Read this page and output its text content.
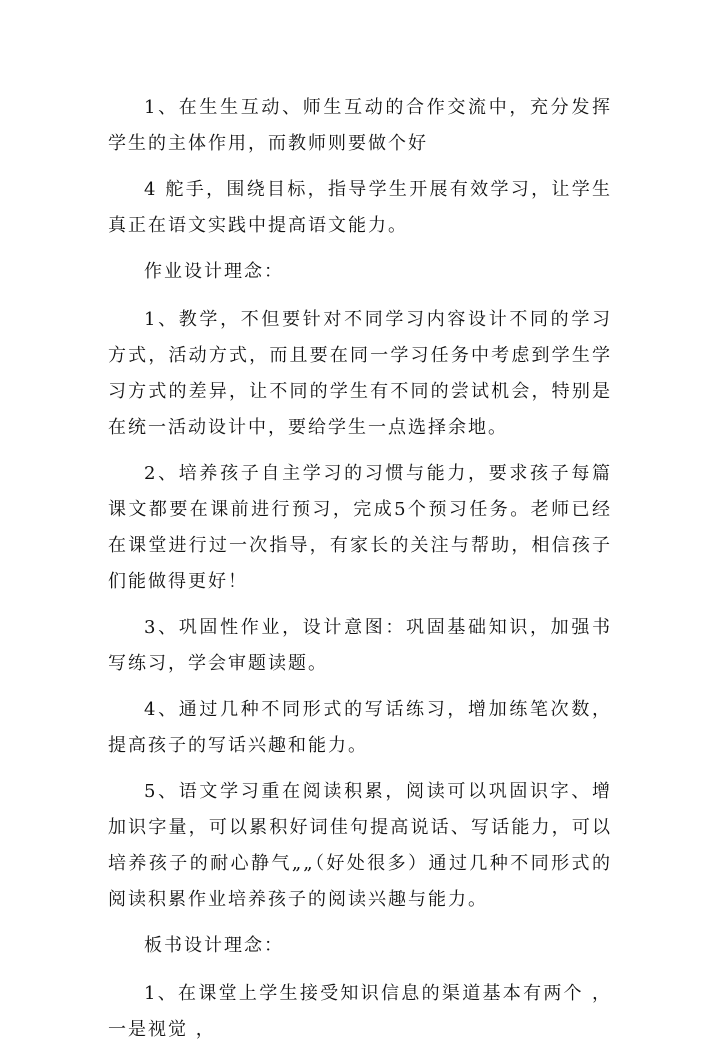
1、在生生互动、师生互动的合作交流中，充分发挥学生的主体作用，而教师则要做个好

4 舵手，围绕目标，指导学生开展有效学习，让学生真正在语文实践中提高语文能力。

作业设计理念：

1、教学，不但要针对不同学习内容设计不同的学习方式，活动方式，而且要在同一学习任务中考虑到学生学习方式的差异，让不同的学生有不同的尝试机会，特别是在统一活动设计中，要给学生一点选择余地。

2、培养孩子自主学习的习惯与能力，要求孩子每篇课文都要在课前进行预习，完成5个预习任务。老师已经在课堂进行过一次指导，有家长的关注与帮助，相信孩子们能做得更好！

3、巩固性作业，设计意图：巩固基础知识，加强书写练习，学会审题读题。

4、通过几种不同形式的写话练习，增加练笔次数，提高孩子的写话兴趣和能力。

5、语文学习重在阅读积累，阅读可以巩固识字、增加识字量，可以累积好词佳句提高说话、写话能力，可以培养孩子的耐心静气„„（好处很多）通过几种不同形式的阅读积累作业培养孩子的阅读兴趣与能力。

板书设计理念：

1、在课堂上学生接受知识信息的渠道基本有两个 ，一是视觉 ，
